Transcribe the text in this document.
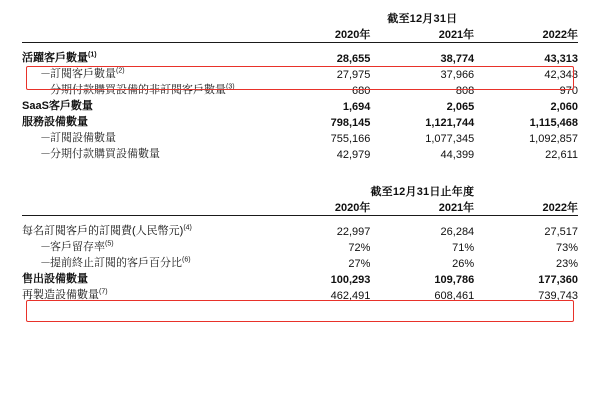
	截至12月31日		
	2020年	2021年	2022年

活躍客戶數量$^{(1)}$	28,655	38,774	43,313
－訂閱客戶數量$^{(2)}$	27,975	37,966	42,343
－分期付款購買設備的非訂閱客戶數量$^{(3)}$	680	808	970
SaaS客戶數量	1,694	2,065	2,060
服務設備數量	798,145	1,121,744	1,115,468
－訂閱設備數量	755,166	1,077,345	1,092,857
－分期付款購買設備數量	42,979	44,399	22,611

	截至12月31日止年度		
	2020年	2021年	2022年

每名訂閱客戶的訂閱費(人民幣元)$^{(4)}$	22,997	26,284	27,517
－客戶留存率$^{(5)}$	72%	71%	73%
－提前終止訂閱的客戶百分比$^{(6)}$	27%	26%	23%
售出設備數量	100,293	109,786	177,360
再製造設備數量$^{(7)}$	462,491	608,461	739,743
